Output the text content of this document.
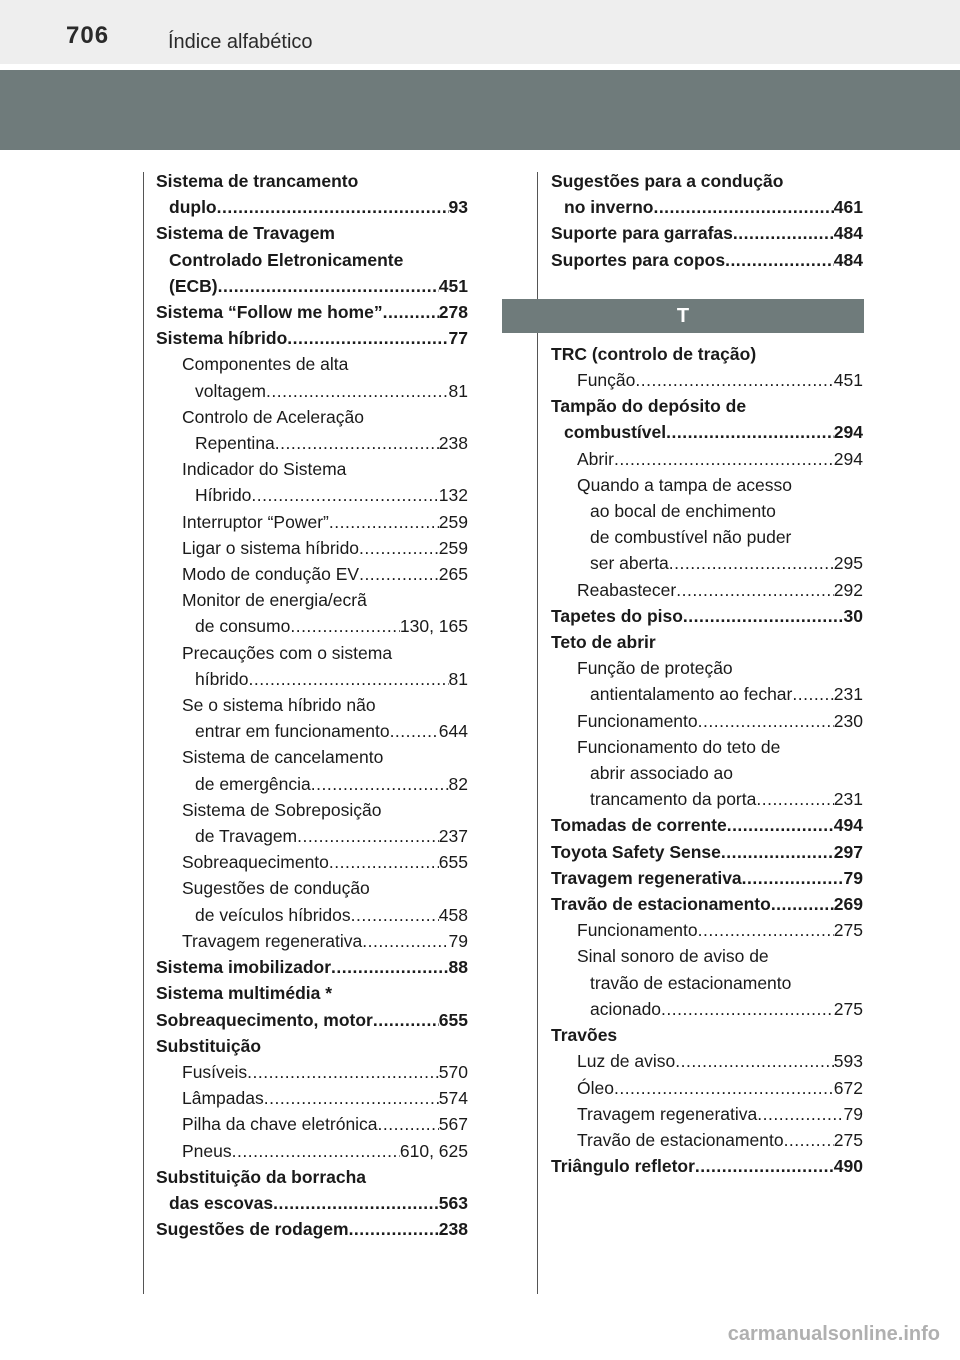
706	Índice alfabético
Sistema de trancamento
duplo .....	93
Sistema de Travagem
Controlado Eletronicamente
(ECB) .....	451
Sistema “Follow me home” .....	278
Sistema híbrido .....	77
Componentes de alta
voltagem .....	81
Controlo de Aceleração
Repentina .....	238
Indicador do Sistema
Híbrido .....	132
Interruptor “Power” .....	259
Ligar o sistema híbrido .....	259
Modo de condução EV .....	265
Monitor de energia/ecrã
de consumo .....	130, 165
Precauções com o sistema
híbrido .....	81
Se o sistema híbrido não
entrar em funcionamento .....	644
Sistema de cancelamento
de emergência .....	82
Sistema de Sobreposição
de Travagem .....	237
Sobreaquecimento .....	655
Sugestões de condução
de veículos híbridos .....	458
Travagem regenerativa .....	79
Sistema imobilizador .....	88
Sistema multimédia *
Sobreaquecimento, motor .....	655
Substituição
Fusíveis .....	570
Lâmpadas .....	574
Pilha da chave eletrónica .....	567
Pneus .....	610, 625
Substituição da borracha
das escovas .....	563
Sugestões de rodagem .....	238
Sugestões para a condução
no inverno .....	461
Suporte para garrafas .....	484
Suportes para copos .....	484
T
TRC (controlo de tração)
Função .....	451
Tampão do depósito de
combustível .....	294
Abrir .....	294
Quando a tampa de acesso
ao bocal de enchimento
de combustível não puder
ser aberta .....	295
Reabastecer .....	292
Tapetes do piso .....	30
Teto de abrir
Função de proteção
antientalamento ao fechar ..... 231
Funcionamento .....	230
Funcionamento do teto de
abrir associado ao
trancamento da porta .....	231
Tomadas de corrente .....	494
Toyota Safety Sense .....	297
Travagem regenerativa .....	79
Travão de estacionamento .....	269
Funcionamento .....	275
Sinal sonoro de aviso de
travão de estacionamento
acionado .....	275
Travões
Luz de aviso .....	593
Óleo .....	672
Travagem regenerativa .....	79
Travão de estacionamento .....	275
Triângulo refletor .....	490
carmanualsonline.info
